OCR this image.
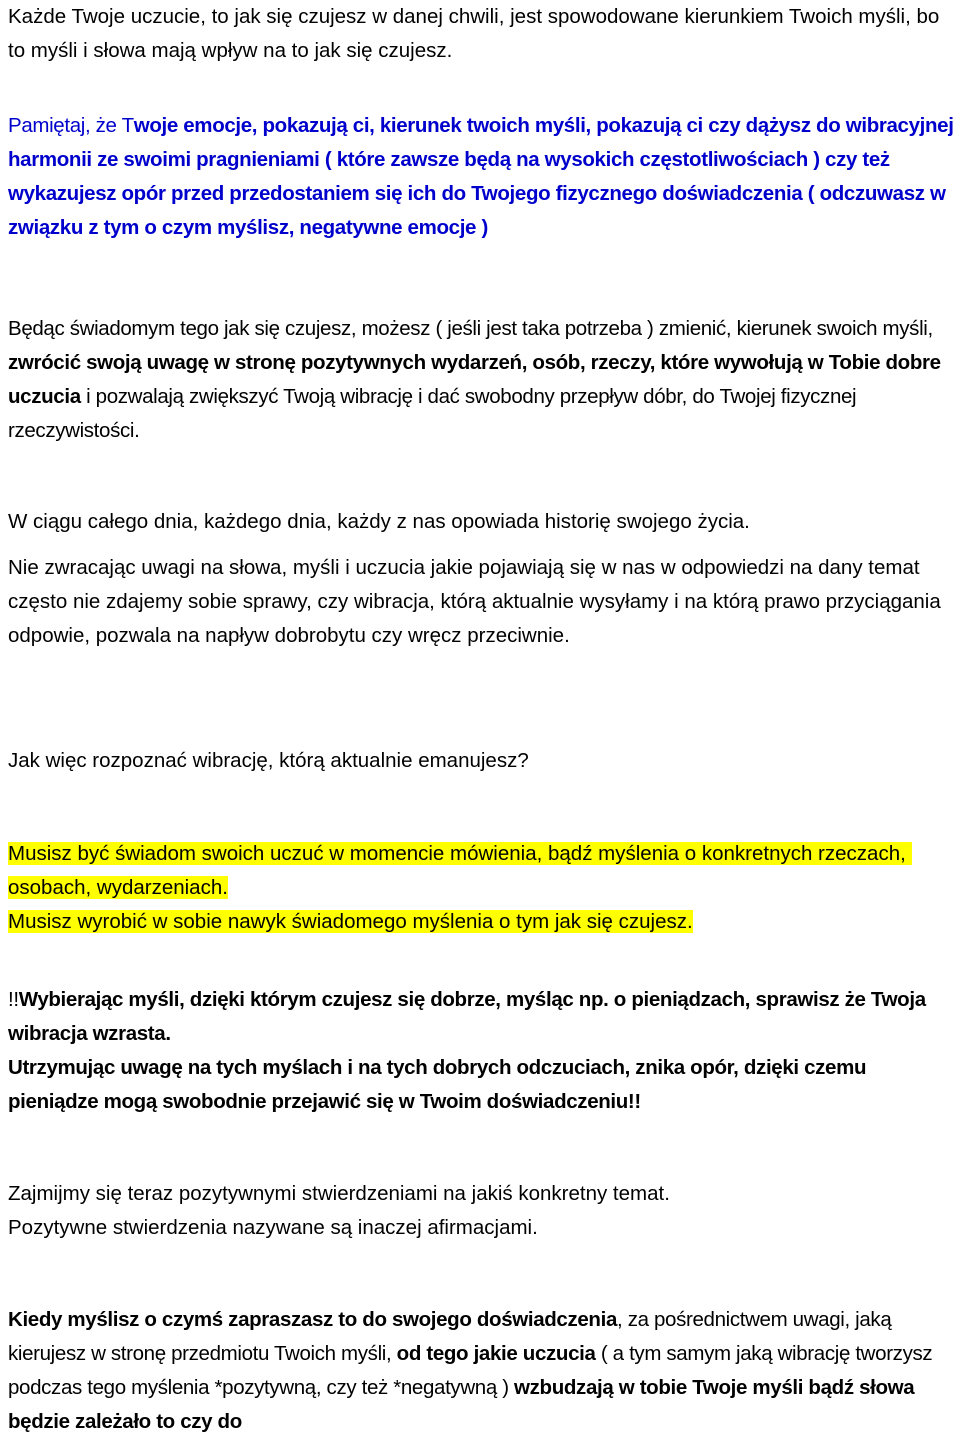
Każde Twoje uczucie, to jak się czujesz w danej chwili, jest spowodowane kierunkiem Twoich myśli, bo to myśli i słowa mają wpływ na to jak się czujesz.

Pamiętaj, że Twoje emocje, pokazują ci, kierunek twoich myśli, pokazują ci czy dążysz do wibracyjnej harmonii ze swoimi pragnieniami ( które zawsze będą na wysokich częstotliwościach ) czy też wykazujesz opór przed przedostaniem się ich do Twojego fizycznego doświadczenia ( odczuwasz w związku z tym o czym myślisz, negatywne emocje )

Będąc świadomym tego jak się czujesz, możesz ( jeśli jest taka potrzeba ) zmienić, kierunek swoich myśli, zwrócić swoją uwagę w stronę pozytywnych wydarzeń, osób, rzeczy, które wywołują w Tobie dobre uczucia i pozwalają zwiększyć Twoją wibrację i dać swobodny przepływ dóbr, do Twojej fizycznej rzeczywistości.

W ciągu całego dnia, każdego dnia, każdy z nas opowiada historię swojego życia.

Nie zwracając uwagi na słowa, myśli i uczucia jakie pojawiają się w nas w odpowiedzi na dany temat często nie zdajemy sobie sprawy, czy wibracja, którą aktualnie wysyłamy i na którą prawo przyciągania odpowie, pozwala na napływ dobrobytu czy wręcz przeciwnie.

Jak więc rozpoznać wibrację, którą aktualnie emanujesz?

Musisz być świadom swoich uczuć w momencie mówienia, bądź myślenia o konkretnych rzeczach, osobach, wydarzeniach.
Musisz wyrobić w sobie nawyk świadomego myślenia o tym jak się czujesz.

!!Wybierając myśli, dzięki którym czujesz się dobrze, myśląc np. o pieniądzach, sprawisz że Twoja wibracja wzrasta.
Utrzymując uwagę na tych myślach i na tych dobrych odczuciach, znika opór, dzięki czemu pieniądze mogą swobodnie przejawić się w Twoim doświadczeniu!!

Zajmijmy się teraz pozytywnymi stwierdzeniami na jakiś konkretny temat.
Pozytywne stwierdzenia nazywane są inaczej afirmacjami.

Kiedy myślisz o czymś zapraszasz to do swojego doświadczenia, za pośrednictwem uwagi, jaką kierujesz w stronę przedmiotu Twoich myśli, od tego jakie uczucia ( a tym samym jaką wibrację tworzysz podczas tego myślenia *pozytywną, czy też *negatywną ) wzbudzają w tobie Twoje myśli bądź słowa będzie zależało to czy do
